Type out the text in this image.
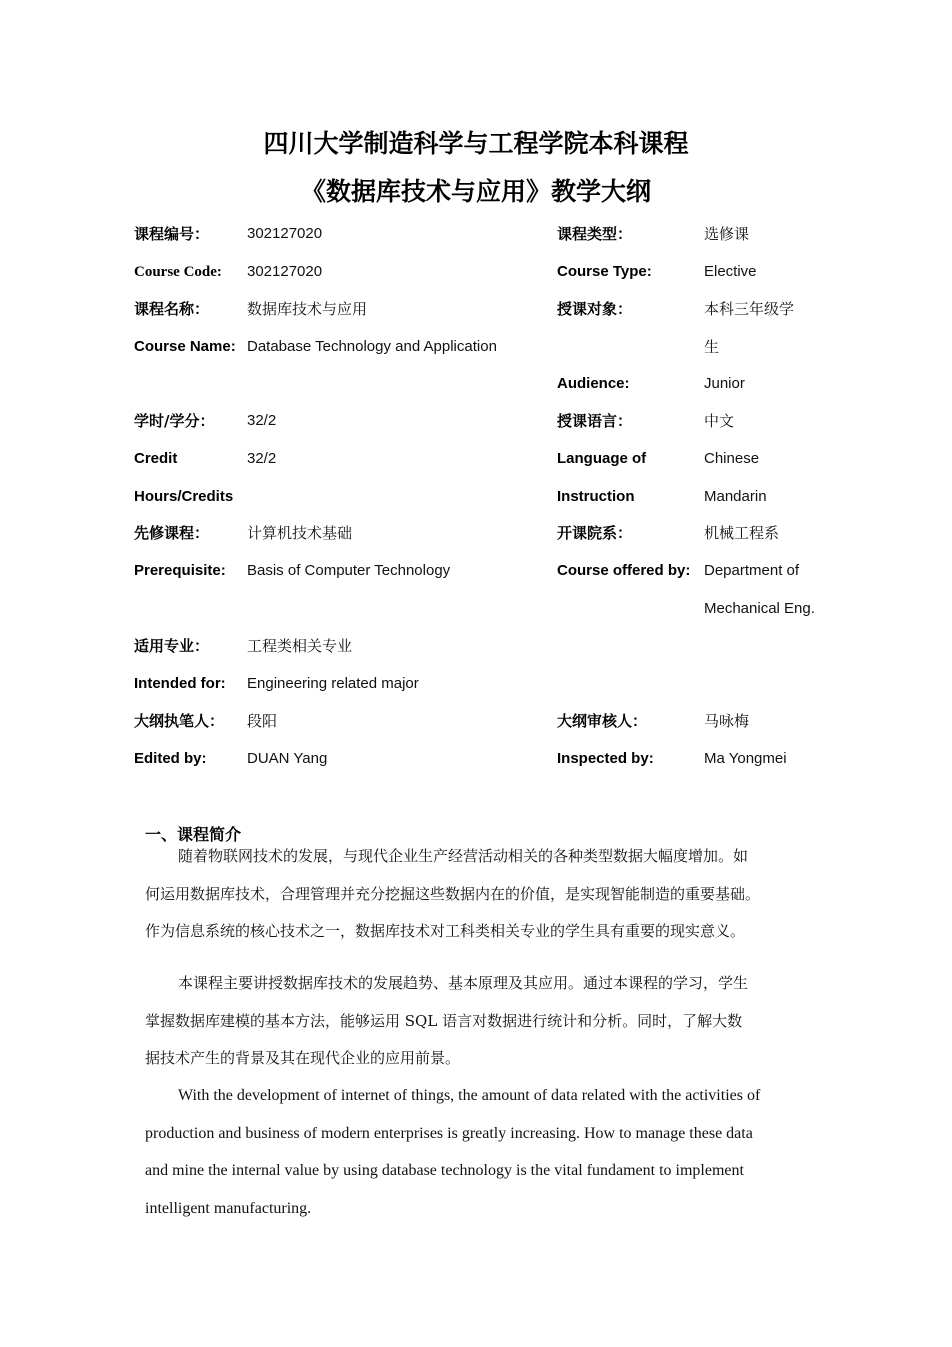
四川大学制造科学与工程学院本科课程
《数据库技术与应用》教学大纲
课程编号：	302127020	课程类型：	选修课
Course Code: 302127020	Course Type:	Elective
课程名称：	数据库技术与应用	授课对象：	本科三年级学
Course Name: Database Technology and Application	生
Audience:	Junior
学时/学分： 32/2	授课语言：	中文
Credit	32/2	Language of	Chinese
Hours/Credits	Instruction	Mandarin
先修课程：	计算机技术基础	开课院系：	机械工程系
Prerequisite: Basis of Computer Technology	Course offered by: Department of
Mechanical Eng.
适用专业：	工程类相关专业
Intended for: Engineering related major
大纲执笔人： 段阳	大纲审核人：	马咏梅
Edited by:	DUAN Yang	Inspected by:	Ma Yongmei
一、课程简介
随着物联网技术的发展，与现代企业生产经营活动相关的各种类型数据大幅度增加。如
何运用数据库技术，合理管理并充分挖掘这些数据内在的价值，是实现智能制造的重要基础。
作为信息系统的核心技术之一，数据库技术对工科类相关专业的学生具有重要的现实意义。
本课程主要讲授数据库技术的发展趋势、基本原理及其应用。通过本课程的学习，学生
掌握数据库建模的基本方法，能够运用 SQL 语言对数据进行统计和分析。同时，了解大数
据技术产生的背景及其在现代企业的应用前景。
With the development of internet of things, the amount of data related with the activities of
production and business of modern enterprises is greatly increasing. How to manage these data
and mine the internal value by using database technology is the vital fundament to implement
intelligent manufacturing.
